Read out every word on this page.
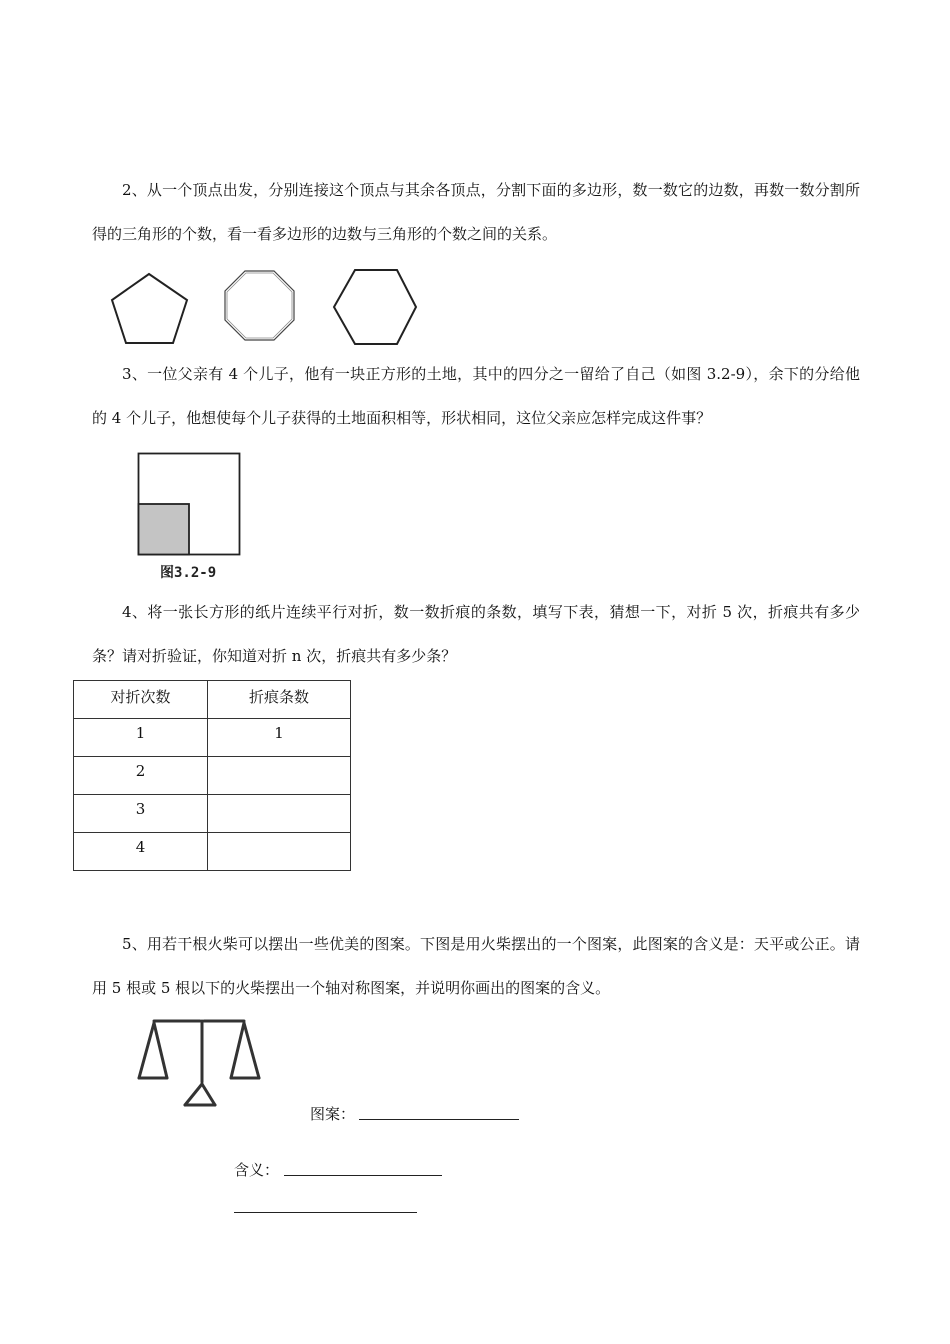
2、从一个顶点出发，分别连接这个顶点与其余各顶点，分割下面的多边形，数一数它的边数，再数一数分割所得的三角形的个数，看一看多边形的边数与三角形的个数之间的关系。

3、一位父亲有 4 个儿子，他有一块正方形的土地，其中的四分之一留给了自己（如图 3.2-9），余下的分给他的 4 个儿子，他想使每个儿子获得的土地面积相等，形状相同，这位父亲应怎样完成这件事？

图3.2-9

4、将一张长方形的纸片连续平行对折，数一数折痕的条数，填写下表，猜想一下，对折 5 次，折痕共有多少条？请对折验证，你知道对折 n 次，折痕共有多少条？

对折次数	折痕条数
1	1
2	
3	
4	

5、用若干根火柴可以摆出一些优美的图案。下图是用火柴摆出的一个图案，此图案的含义是：天平或公正。请用 5 根或 5 根以下的火柴摆出一个轴对称图案，并说明你画出的图案的含义。

图案：
含义：
